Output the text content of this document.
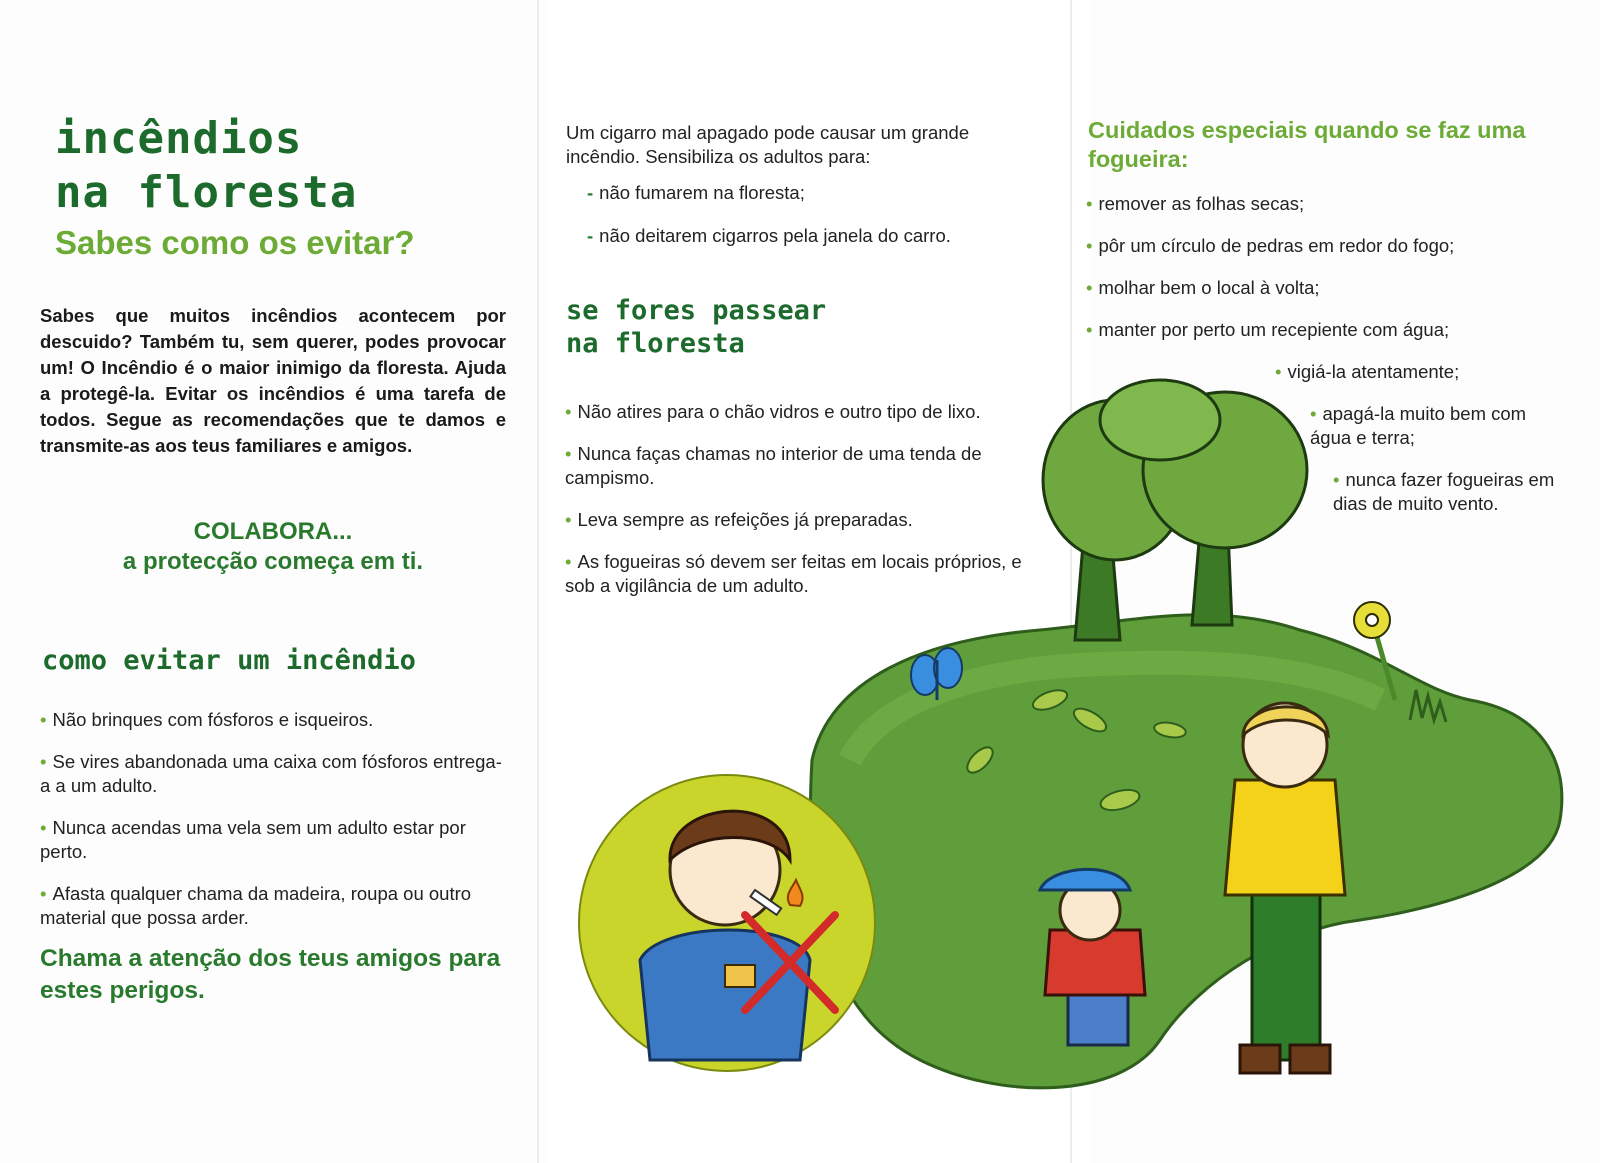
incêndios
na floresta
Sabes como os evitar?
Sabes que muitos incêndios acontecem por descuido? Também tu, sem querer, podes provocar um! O Incêndio é o maior inimigo da floresta. Ajuda a protegê-la. Evitar os incêndios é uma tarefa de todos. Segue as recomendações que te damos e transmite-as aos teus familiares e amigos.
COLABORA...
a protecção começa em ti.
como evitar um incêndio
• Não brinques com fósforos e isqueiros.
• Se vires abandonada uma caixa com fósforos entrega-a a um adulto.
• Nunca acendas uma vela sem um adulto estar por perto.
• Afasta qualquer chama da madeira, roupa ou outro material que possa arder.
Chama a atenção dos teus amigos para estes perigos.
Um cigarro mal apagado pode causar um grande incêndio. Sensibiliza os adultos para:
- não fumarem na floresta;
- não deitarem cigarros pela janela do carro.
se fores passear
na floresta
• Não atires para o chão vidros e outro tipo de lixo.
• Nunca faças chamas no interior de uma tenda de campismo.
• Leva sempre as refeições já preparadas.
• As fogueiras só devem ser feitas em locais próprios, e sob a vigilância de um adulto.
Cuidados especiais quando se faz uma fogueira:
• remover as folhas secas;
• pôr um círculo de pedras em redor do fogo;
• molhar bem o local à volta;
• manter por perto um recepiente com água;
• vigiá-la atentamente;
• apagá-la muito bem com água e terra;
• nunca fazer fogueiras em dias de muito vento.
